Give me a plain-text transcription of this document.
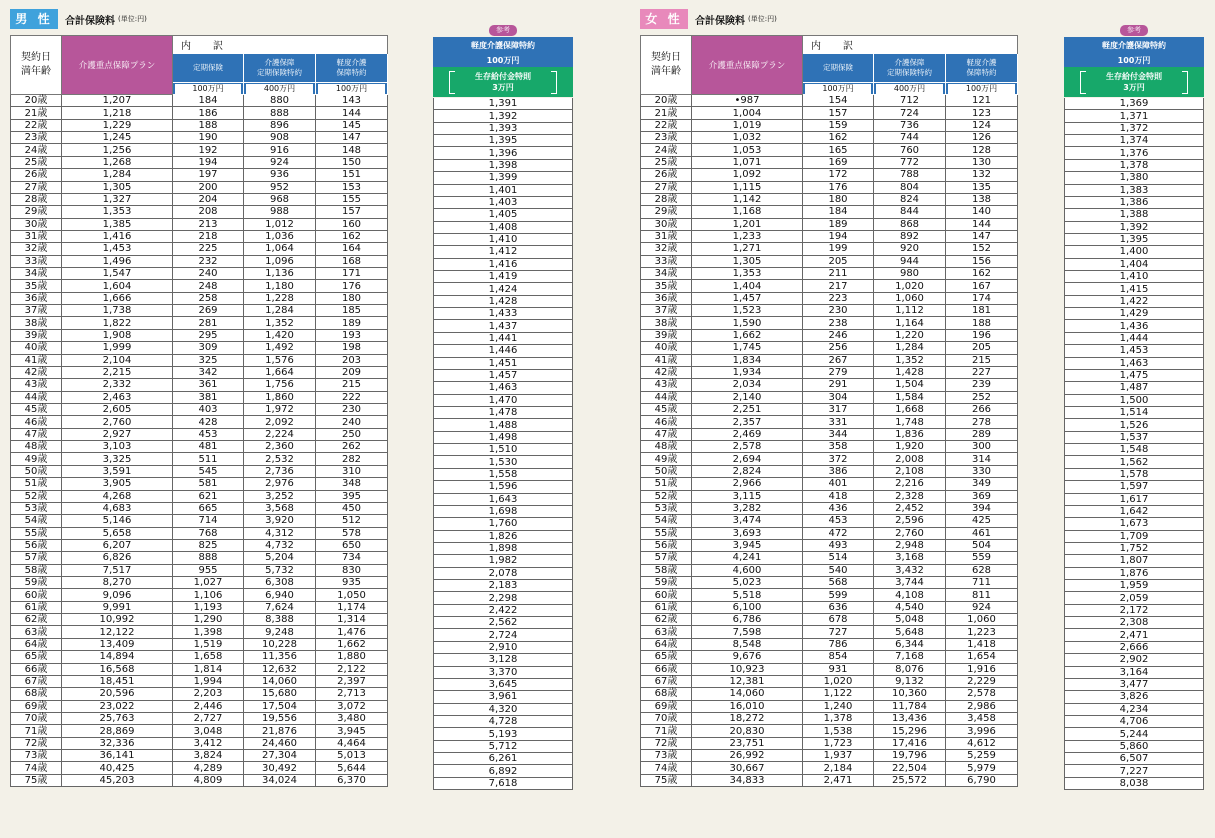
男 性	合計保険料 (単位:円)
契約日
満年齢	介護重点保障プラン	内　訳		
		定期保険	介護保障
定期保険特約	軽度介護
保障特約

		100万円	400万円	100万円

20歳	1,207	184	880	143
21歳	1,218	186	888	144
22歳	1,229	188	896	145
23歳	1,245	190	908	147
24歳	1,256	192	916	148
25歳	1,268	194	924	150
26歳	1,284	197	936	151
27歳	1,305	200	952	153
28歳	1,327	204	968	155
29歳	1,353	208	988	157
30歳	1,385	213	1,012	160
31歳	1,416	218	1,036	162
32歳	1,453	225	1,064	164
33歳	1,496	232	1,096	168
34歳	1,547	240	1,136	171
35歳	1,604	248	1,180	176
36歳	1,666	258	1,228	180
37歳	1,738	269	1,284	185
38歳	1,822	281	1,352	189
39歳	1,908	295	1,420	193
40歳	1,999	309	1,492	198
41歳	2,104	325	1,576	203
42歳	2,215	342	1,664	209
43歳	2,332	361	1,756	215
44歳	2,463	381	1,860	222
45歳	2,605	403	1,972	230
46歳	2,760	428	2,092	240
47歳	2,927	453	2,224	250
48歳	3,103	481	2,360	262
49歳	3,325	511	2,532	282
50歳	3,591	545	2,736	310
51歳	3,905	581	2,976	348
52歳	4,268	621	3,252	395
53歳	4,683	665	3,568	450
54歳	5,146	714	3,920	512
55歳	5,658	768	4,312	578
56歳	6,207	825	4,732	650
57歳	6,826	888	5,204	734
58歳	7,517	955	5,732	830
59歳	8,270	1,027	6,308	935
60歳	9,096	1,106	6,940	1,050
61歳	9,991	1,193	7,624	1,174
62歳	10,992	1,290	8,388	1,314
63歳	12,122	1,398	9,248	1,476
64歳	13,409	1,519	10,228	1,662
65歳	14,894	1,658	11,356	1,880
66歳	16,568	1,814	12,632	2,122
67歳	18,451	1,994	14,060	2,397
68歳	20,596	2,203	15,680	2,713
69歳	23,022	2,446	17,504	3,072
70歳	25,763	2,727	19,556	3,480
71歳	28,869	3,048	21,876	3,945
72歳	32,336	3,412	24,460	4,464
73歳	36,141	3,824	27,304	5,013
74歳	40,425	4,289	30,492	5,644
75歳	45,203	4,809	34,024	6,370
参考
軽度介護保障特約
100万円
生存給付金特則
3万円
1,391
1,392
1,393
1,395
1,396
1,398
1,399
1,401
1,403
1,405
1,408
1,410
1,412
1,416
1,419
1,424
1,428
1,433
1,437
1,441
1,446
1,451
1,457
1,463
1,470
1,478
1,488
1,498
1,510
1,530
1,558
1,596
1,643
1,698
1,760
1,826
1,898
1,982
2,078
2,183
2,298
2,422
2,562
2,724
2,910
3,128
3,370
3,645
3,961
4,320
4,728
5,193
5,712
6,261
6,892
7,618
女 性	合計保険料 (単位:円)
契約日
満年齢	介護重点保障プラン	内　訳		
		定期保険	介護保障
定期保険特約	軽度介護
保障特約

		100万円	400万円	100万円

20歳	•987	154	712	121
21歳	1,004	157	724	123
22歳	1,019	159	736	124
23歳	1,032	162	744	126
24歳	1,053	165	760	128
25歳	1,071	169	772	130
26歳	1,092	172	788	132
27歳	1,115	176	804	135
28歳	1,142	180	824	138
29歳	1,168	184	844	140
30歳	1,201	189	868	144
31歳	1,233	194	892	147
32歳	1,271	199	920	152
33歳	1,305	205	944	156
34歳	1,353	211	980	162
35歳	1,404	217	1,020	167
36歳	1,457	223	1,060	174
37歳	1,523	230	1,112	181
38歳	1,590	238	1,164	188
39歳	1,662	246	1,220	196
40歳	1,745	256	1,284	205
41歳	1,834	267	1,352	215
42歳	1,934	279	1,428	227
43歳	2,034	291	1,504	239
44歳	2,140	304	1,584	252
45歳	2,251	317	1,668	266
46歳	2,357	331	1,748	278
47歳	2,469	344	1,836	289
48歳	2,578	358	1,920	300
49歳	2,694	372	2,008	314
50歳	2,824	386	2,108	330
51歳	2,966	401	2,216	349
52歳	3,115	418	2,328	369
53歳	3,282	436	2,452	394
54歳	3,474	453	2,596	425
55歳	3,693	472	2,760	461
56歳	3,945	493	2,948	504
57歳	4,241	514	3,168	559
58歳	4,600	540	3,432	628
59歳	5,023	568	3,744	711
60歳	5,518	599	4,108	811
61歳	6,100	636	4,540	924
62歳	6,786	678	5,048	1,060
63歳	7,598	727	5,648	1,223
64歳	8,548	786	6,344	1,418
65歳	9,676	854	7,168	1,654
66歳	10,923	931	8,076	1,916
67歳	12,381	1,020	9,132	2,229
68歳	14,060	1,122	10,360	2,578
69歳	16,010	1,240	11,784	2,986
70歳	18,272	1,378	13,436	3,458
71歳	20,830	1,538	15,296	3,996
72歳	23,751	1,723	17,416	4,612
73歳	26,992	1,937	19,796	5,259
74歳	30,667	2,184	22,504	5,979
75歳	34,833	2,471	25,572	6,790
参考
軽度介護保障特約
100万円
生存給付金特則
3万円
1,369
1,371
1,372
1,374
1,376
1,378
1,380
1,383
1,386
1,388
1,392
1,395
1,400
1,404
1,410
1,415
1,422
1,429
1,436
1,444
1,453
1,463
1,475
1,487
1,500
1,514
1,526
1,537
1,548
1,562
1,578
1,597
1,617
1,642
1,673
1,709
1,752
1,807
1,876
1,959
2,059
2,172
2,308
2,471
2,666
2,902
3,164
3,477
3,826
4,234
4,706
5,244
5,860
6,507
7,227
8,038
